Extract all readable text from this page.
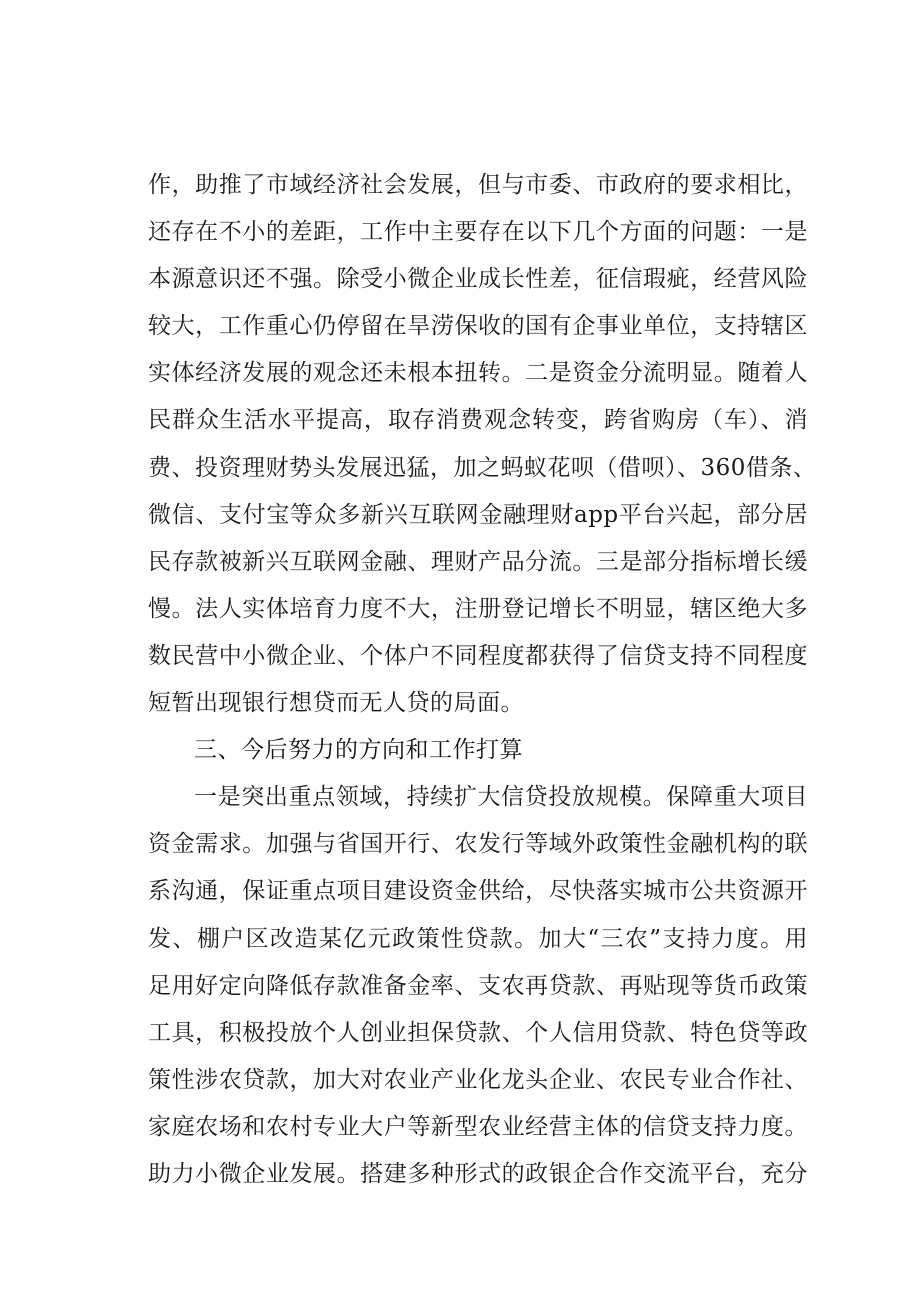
作，助推了市域经济社会发展，但与市委、市政府的要求相比，
还存在不小的差距，工作中主要存在以下几个方面的问题：一是
本源意识还不强。除受小微企业成长性差，征信瑕疵，经营风险
较大，工作重心仍停留在旱涝保收的国有企事业单位，支持辖区
实体经济发展的观念还未根本扭转。二是资金分流明显。随着人
民群众生活水平提高，取存消费观念转变，跨省购房（车）、消
费、投资理财势头发展迅猛，加之蚂蚁花呗（借呗）、360借条、
微信、支付宝等众多新兴互联网金融理财app平台兴起，部分居
民存款被新兴互联网金融、理财产品分流。三是部分指标增长缓
慢。法人实体培育力度不大，注册登记增长不明显，辖区绝大多
数民营中小微企业、个体户不同程度都获得了信贷支持不同程度
短暂出现银行想贷而无人贷的局面。
三、今后努力的方向和工作打算
一是突出重点领域，持续扩大信贷投放规模。保障重大项目
资金需求。加强与省国开行、农发行等域外政策性金融机构的联
系沟通，保证重点项目建设资金供给，尽快落实城市公共资源开
发、棚户区改造某亿元政策性贷款。加大“三农”支持力度。用
足用好定向降低存款准备金率、支农再贷款、再贴现等货币政策
工具，积极投放个人创业担保贷款、个人信用贷款、特色贷等政
策性涉农贷款，加大对农业产业化龙头企业、农民专业合作社、
家庭农场和农村专业大户等新型农业经营主体的信贷支持力度。
助力小微企业发展。搭建多种形式的政银企合作交流平台，充分
